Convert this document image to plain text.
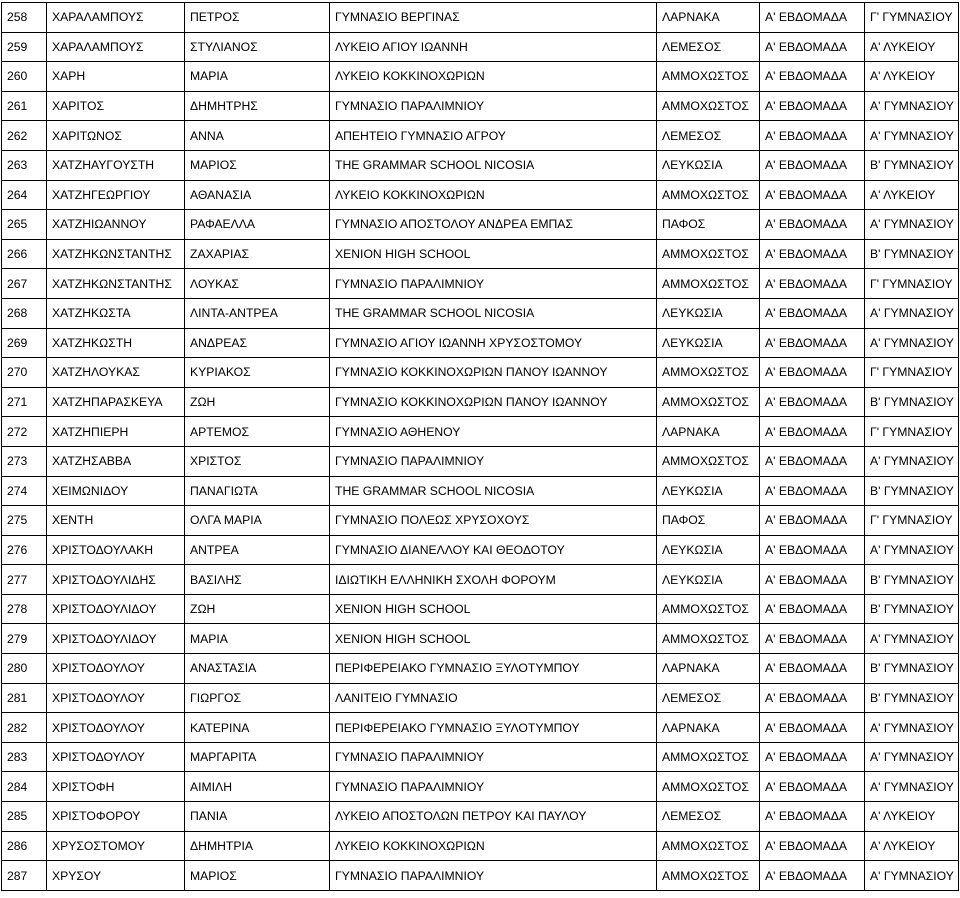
258	ΧΑΡΑΛΑΜΠΟΥΣ	ΠΕΤΡΟΣ	ΓΥΜΝΑΣΙΟ ΒΕΡΓΙΝΑΣ	ΛΑΡΝΑΚΑ	Α' ΕΒΔΟΜΑΔΑ	Γ' ΓΥΜΝΑΣΙΟΥ
259	ΧΑΡΑΛΑΜΠΟΥΣ	ΣΤΥΛΙΑΝΟΣ	ΛΥΚΕΙΟ ΑΓΙΟΥ ΙΩΑΝΝΗ	ΛΕΜΕΣΟΣ	Α' ΕΒΔΟΜΑΔΑ	Α' ΛΥΚΕΙΟΥ
260	ΧΑΡΗ	ΜΑΡΙΑ	ΛΥΚΕΙΟ ΚΟΚΚΙΝΟΧΩΡΙΩΝ	ΑΜΜΟΧΩΣΤΟΣ	Α' ΕΒΔΟΜΑΔΑ	Α' ΛΥΚΕΙΟΥ
261	ΧΑΡΙΤΟΣ	ΔΗΜΗΤΡΗΣ	ΓΥΜΝΑΣΙΟ ΠΑΡΑΛΙΜΝΙΟΥ	ΑΜΜΟΧΩΣΤΟΣ	Α' ΕΒΔΟΜΑΔΑ	Α' ΓΥΜΝΑΣΙΟΥ
262	ΧΑΡΙΤΩΝΟΣ	ΑΝΝΑ	ΑΠΕΗΤΕΙΟ ΓΥΜΝΑΣΙΟ ΑΓΡΟΥ	ΛΕΜΕΣΟΣ	Α' ΕΒΔΟΜΑΔΑ	Α' ΓΥΜΝΑΣΙΟΥ
263	ΧΑΤΖΗΑΥΓΟΥΣΤΗ	ΜΑΡΙΟΣ	THE GRAMMAR SCHOOL NICOSIA	ΛΕΥΚΩΣΙΑ	Α' ΕΒΔΟΜΑΔΑ	Β' ΓΥΜΝΑΣΙΟΥ
264	ΧΑΤΖΗΓΕΩΡΓΙΟΥ	ΑΘΑΝΑΣΙΑ	ΛΥΚΕΙΟ ΚΟΚΚΙΝΟΧΩΡΙΩΝ	ΑΜΜΟΧΩΣΤΟΣ	Α' ΕΒΔΟΜΑΔΑ	Α' ΛΥΚΕΙΟΥ
265	ΧΑΤΖΗΙΩΑΝΝΟΥ	ΡΑΦΑΕΛΛΑ	ΓΥΜΝΑΣΙΟ ΑΠΟΣΤΟΛΟΥ ΑΝΔΡΕΑ ΕΜΠΑΣ	ΠΑΦΟΣ	Α' ΕΒΔΟΜΑΔΑ	Α' ΓΥΜΝΑΣΙΟΥ
266	ΧΑΤΖΗΚΩΝΣΤΑΝΤΗΣ	ΖΑΧΑΡΙΑΣ	XENION HIGH SCHOOL	ΑΜΜΟΧΩΣΤΟΣ	Α' ΕΒΔΟΜΑΔΑ	Β' ΓΥΜΝΑΣΙΟΥ
267	ΧΑΤΖΗΚΩΝΣΤΑΝΤΗΣ	ΛΟΥΚΑΣ	ΓΥΜΝΑΣΙΟ ΠΑΡΑΛΙΜΝΙΟΥ	ΑΜΜΟΧΩΣΤΟΣ	Α' ΕΒΔΟΜΑΔΑ	Γ' ΓΥΜΝΑΣΙΟΥ
268	ΧΑΤΖΗΚΩΣΤΑ	ΛΙΝΤΑ-ΑΝΤΡΕΑ	THE GRAMMAR SCHOOL NICOSIA	ΛΕΥΚΩΣΙΑ	Α' ΕΒΔΟΜΑΔΑ	Α' ΓΥΜΝΑΣΙΟΥ
269	ΧΑΤΖΗΚΩΣΤΗ	ΑΝΔΡΕΑΣ	ΓΥΜΝΑΣΙΟ ΑΓΙΟΥ ΙΩΑΝΝΗ ΧΡΥΣΟΣΤΟΜΟΥ	ΛΕΥΚΩΣΙΑ	Α' ΕΒΔΟΜΑΔΑ	Α' ΓΥΜΝΑΣΙΟΥ
270	ΧΑΤΖΗΛΟΥΚΑΣ	ΚΥΡΙΑΚΟΣ	ΓΥΜΝΑΣΙΟ ΚΟΚΚΙΝΟΧΩΡΙΩΝ ΠΑΝΟΥ ΙΩΑΝΝΟΥ	ΑΜΜΟΧΩΣΤΟΣ	Α' ΕΒΔΟΜΑΔΑ	Γ' ΓΥΜΝΑΣΙΟΥ
271	ΧΑΤΖΗΠΑΡΑΣΚΕΥΑ	ΖΩΗ	ΓΥΜΝΑΣΙΟ ΚΟΚΚΙΝΟΧΩΡΙΩΝ ΠΑΝΟΥ ΙΩΑΝΝΟΥ	ΑΜΜΟΧΩΣΤΟΣ	Α' ΕΒΔΟΜΑΔΑ	Β' ΓΥΜΝΑΣΙΟΥ
272	ΧΑΤΖΗΠΙΕΡΗ	ΑΡΤΕΜΟΣ	ΓΥΜΝΑΣΙΟ ΑΘΗΕΝΟΥ	ΛΑΡΝΑΚΑ	Α' ΕΒΔΟΜΑΔΑ	Γ' ΓΥΜΝΑΣΙΟΥ
273	ΧΑΤΖΗΣΑΒΒΑ	ΧΡΙΣΤΟΣ	ΓΥΜΝΑΣΙΟ ΠΑΡΑΛΙΜΝΙΟΥ	ΑΜΜΟΧΩΣΤΟΣ	Α' ΕΒΔΟΜΑΔΑ	Α' ΓΥΜΝΑΣΙΟΥ
274	ΧΕΙΜΩΝΙΔΟΥ	ΠΑΝΑΓΙΩΤΑ	THE GRAMMAR SCHOOL NICOSIA	ΛΕΥΚΩΣΙΑ	Α' ΕΒΔΟΜΑΔΑ	Β' ΓΥΜΝΑΣΙΟΥ
275	ΧΕΝΤΗ	ΟΛΓΑ ΜΑΡΙΑ	ΓΥΜΝΑΣΙΟ ΠΟΛΕΩΣ ΧΡΥΣΟΧΟΥΣ	ΠΑΦΟΣ	Α' ΕΒΔΟΜΑΔΑ	Γ' ΓΥΜΝΑΣΙΟΥ
276	ΧΡΙΣΤΟΔΟΥΛΑΚΗ	ΑΝΤΡΕΑ	ΓΥΜΝΑΣΙΟ ΔΙΑΝΕΛΛΟΥ ΚΑΙ ΘΕΟΔΟΤΟΥ	ΛΕΥΚΩΣΙΑ	Α' ΕΒΔΟΜΑΔΑ	Α' ΓΥΜΝΑΣΙΟΥ
277	ΧΡΙΣΤΟΔΟΥΛΙΔΗΣ	ΒΑΣΙΛΗΣ	ΙΔΙΩΤΙΚΗ ΕΛΛΗΝΙΚΗ ΣΧΟΛΗ ΦΟΡΟΥΜ	ΛΕΥΚΩΣΙΑ	Α' ΕΒΔΟΜΑΔΑ	Β' ΓΥΜΝΑΣΙΟΥ
278	ΧΡΙΣΤΟΔΟΥΛΙΔΟΥ	ΖΩΗ	XENION HIGH SCHOOL	ΑΜΜΟΧΩΣΤΟΣ	Α' ΕΒΔΟΜΑΔΑ	Β' ΓΥΜΝΑΣΙΟΥ
279	ΧΡΙΣΤΟΔΟΥΛΙΔΟΥ	ΜΑΡΙΑ	XENION HIGH SCHOOL	ΑΜΜΟΧΩΣΤΟΣ	Α' ΕΒΔΟΜΑΔΑ	Α' ΓΥΜΝΑΣΙΟΥ
280	ΧΡΙΣΤΟΔΟΥΛΟΥ	ΑΝΑΣΤΑΣΙΑ	ΠΕΡΙΦΕΡΕΙΑΚΟ ΓΥΜΝΑΣΙΟ ΞΥΛΟΤΥΜΠΟΥ	ΛΑΡΝΑΚΑ	Α' ΕΒΔΟΜΑΔΑ	Β' ΓΥΜΝΑΣΙΟΥ
281	ΧΡΙΣΤΟΔΟΥΛΟΥ	ΓΙΩΡΓΟΣ	ΛΑΝΙΤΕΙΟ ΓΥΜΝΑΣΙΟ	ΛΕΜΕΣΟΣ	Α' ΕΒΔΟΜΑΔΑ	Β' ΓΥΜΝΑΣΙΟΥ
282	ΧΡΙΣΤΟΔΟΥΛΟΥ	ΚΑΤΕΡΙΝΑ	ΠΕΡΙΦΕΡΕΙΑΚΟ ΓΥΜΝΑΣΙΟ ΞΥΛΟΤΥΜΠΟΥ	ΛΑΡΝΑΚΑ	Α' ΕΒΔΟΜΑΔΑ	Α' ΓΥΜΝΑΣΙΟΥ
283	ΧΡΙΣΤΟΔΟΥΛΟΥ	ΜΑΡΓΑΡΙΤΑ	ΓΥΜΝΑΣΙΟ ΠΑΡΑΛΙΜΝΙΟΥ	ΑΜΜΟΧΩΣΤΟΣ	Α' ΕΒΔΟΜΑΔΑ	Α' ΓΥΜΝΑΣΙΟΥ
284	ΧΡΙΣΤΟΦΗ	ΑΙΜΙΛΗ	ΓΥΜΝΑΣΙΟ ΠΑΡΑΛΙΜΝΙΟΥ	ΑΜΜΟΧΩΣΤΟΣ	Α' ΕΒΔΟΜΑΔΑ	Α' ΓΥΜΝΑΣΙΟΥ
285	ΧΡΙΣΤΟΦΟΡΟΥ	ΠΑΝΙΑ	ΛΥΚΕΙΟ ΑΠΟΣΤΟΛΩΝ ΠΕΤΡΟΥ ΚΑΙ ΠΑΥΛΟΥ	ΛΕΜΕΣΟΣ	Α' ΕΒΔΟΜΑΔΑ	Α' ΛΥΚΕΙΟΥ
286	ΧΡΥΣΟΣΤΟΜΟΥ	ΔΗΜΗΤΡΙΑ	ΛΥΚΕΙΟ ΚΟΚΚΙΝΟΧΩΡΙΩΝ	ΑΜΜΟΧΩΣΤΟΣ	Α' ΕΒΔΟΜΑΔΑ	Α' ΛΥΚΕΙΟΥ
287	ΧΡΥΣΟΥ	ΜΑΡΙΟΣ	ΓΥΜΝΑΣΙΟ ΠΑΡΑΛΙΜΝΙΟΥ	ΑΜΜΟΧΩΣΤΟΣ	Α' ΕΒΔΟΜΑΔΑ	Α' ΓΥΜΝΑΣΙΟΥ
